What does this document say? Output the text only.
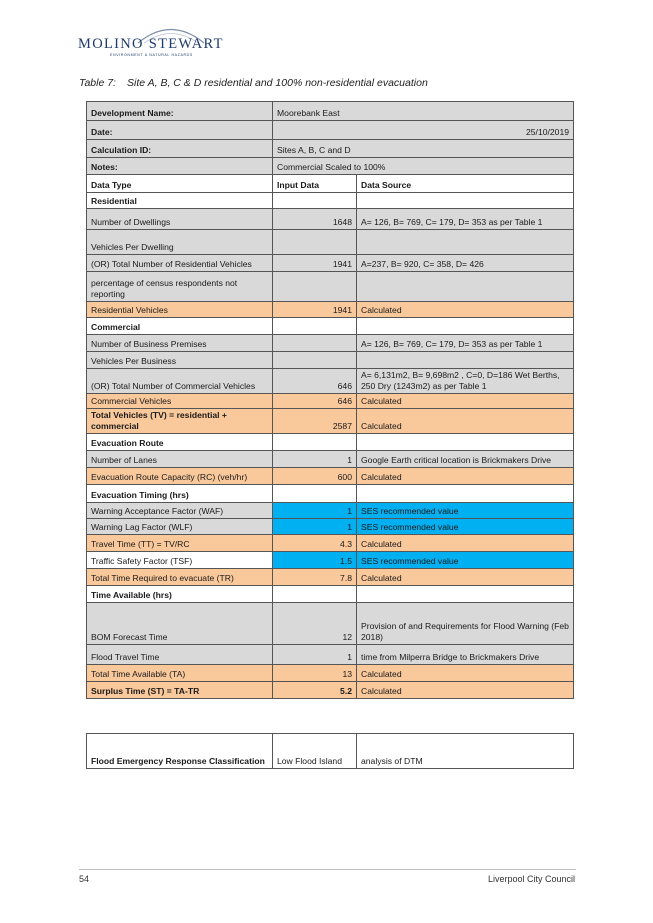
MOLINO STEWART
ENVIRONMENT & NATURAL HAZARDS
Table 7: Site A, B, C & D residential and 100% non-residential evacuation
Development Name:	Moorebank East	
Date:	25/10/2019	
Calculation ID:	Sites A, B, C and D	
Notes:	Commercial Scaled to 100%	
Data Type	Input Data	Data Source
Residential		
Number of Dwellings	1648	A= 126, B= 769, C= 179, D= 353 as per Table 1
Vehicles Per Dwelling		
(OR) Total Number of Residential Vehicles	1941	A=237, B= 920, C= 358, D= 426
percentage of census respondents not reporting		
Residential Vehicles	1941	Calculated
Commercial		
Number of Business Premises		A= 126, B= 769, C= 179, D= 353 as per Table 1
Vehicles Per Business		
(OR) Total Number of Commercial Vehicles	646	A= 6,131m2, B= 9,698m2 , C=0, D=186 Wet Berths, 250 Dry (1243m2) as per Table 1
Commercial Vehicles	646	Calculated
Total Vehicles (TV) = residential + commercial	2587	Calculated
Evacuation Route		
Number of Lanes	1	Google Earth critical location is Brickmakers Drive
Evacuation Route Capacity (RC) (veh/hr)	600	Calculated
Evacuation Timing (hrs)		
Warning Acceptance Factor (WAF)	1	SES recommended value
Warning Lag Factor (WLF)	1	SES recommended value
Travel Time (TT) = TV/RC	4.3	Calculated
Traffic Safety Factor (TSF)	1.5	SES recommended value
Total Time Required to evacuate (TR)	7.8	Calculated
Time Available (hrs)		
BOM Forecast Time	12	Provision of and Requirements for Flood Warning (Feb 2018)
Flood Travel Time	1	time from Milperra Bridge to Brickmakers Drive
Total Time Available (TA)	13	Calculated
Surplus Time (ST) = TA-TR	5.2	Calculated
Flood Emergency Response Classification	Low Flood Island	analysis of DTM
54	Liverpool City Council
